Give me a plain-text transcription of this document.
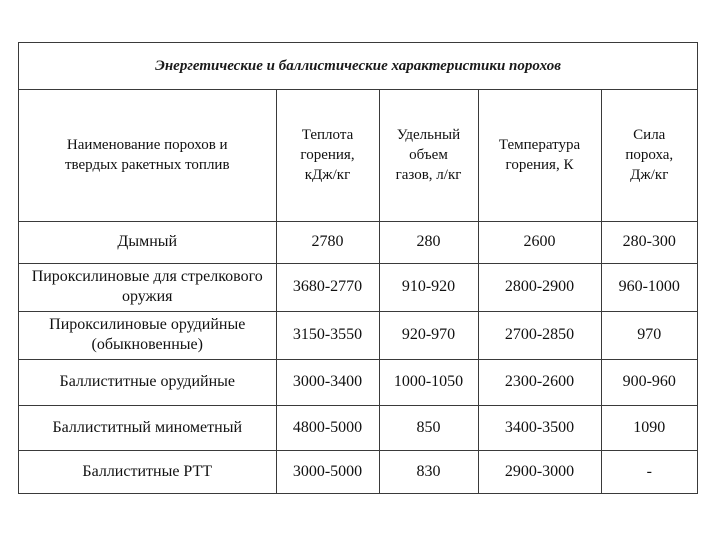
Энергетические и баллистические характеристики порохов
Наименование порохов и твердых ракетных топлив	Теплота горения, кДж/кг	Удельный объем газов, л/кг	Температура горения, К	Сила пороха, Дж/кг
Дымный	2780	280	2600	280-300
Пироксилиновые для стрелкового оружия	3680-2770	910-920	2800-2900	960-1000
Пироксилиновые орудийные (обыкновенные)	3150-3550	920-970	2700-2850	970
Баллиститные орудийные	3000-3400	1000-1050	2300-2600	900-960
Баллиститный минометный	4800-5000	850	3400-3500	1090
Баллиститные РТТ	3000-5000	830	2900-3000	-
